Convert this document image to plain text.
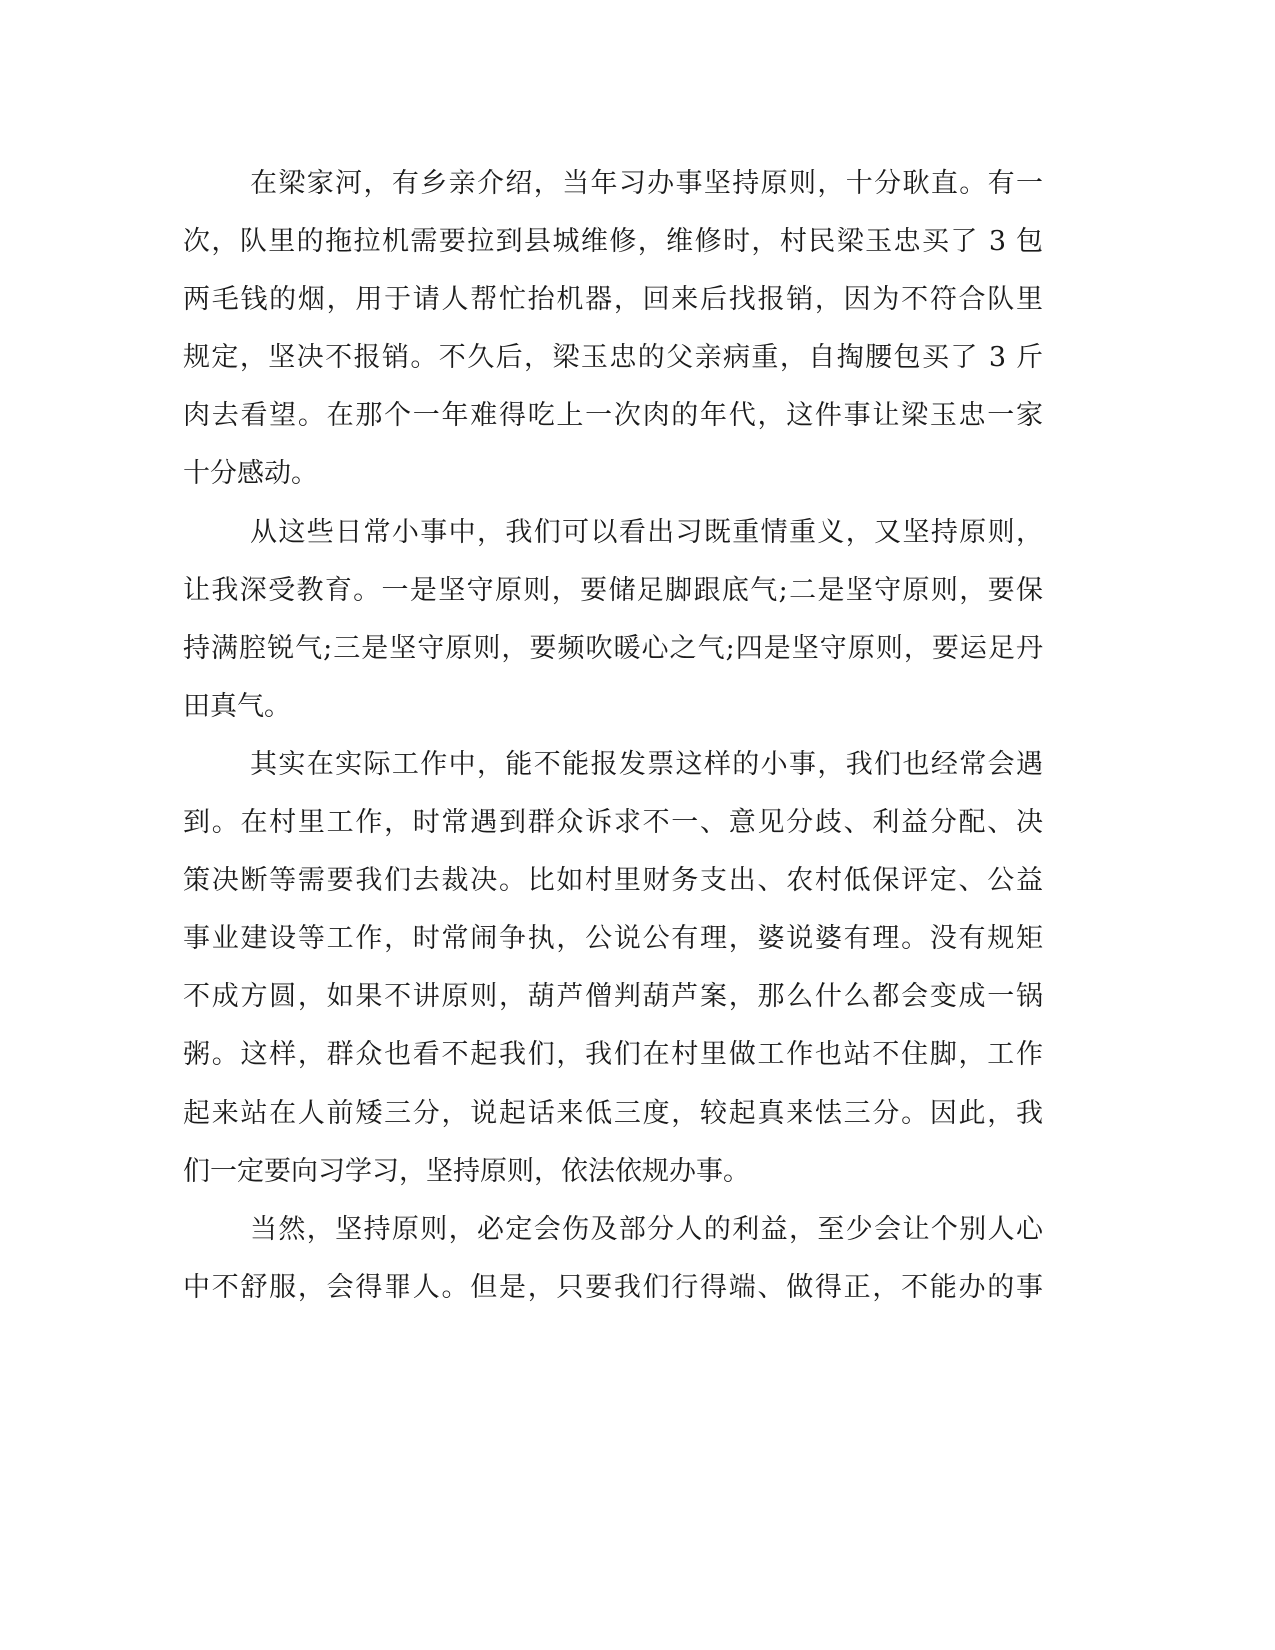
在梁家河，有乡亲介绍，当年习办事坚持原则，十分耿直。有一
次，队里的拖拉机需要拉到县城维修，维修时，村民梁玉忠买了 3 包
两毛钱的烟，用于请人帮忙抬机器，回来后找报销，因为不符合队里
规定，坚决不报销。不久后，梁玉忠的父亲病重，自掏腰包买了 3 斤
肉去看望。在那个一年难得吃上一次肉的年代，这件事让梁玉忠一家
十分感动。
从这些日常小事中，我们可以看出习既重情重义，又坚持原则，
让我深受教育。一是坚守原则，要储足脚跟底气;二是坚守原则，要保
持满腔锐气;三是坚守原则，要频吹暖心之气;四是坚守原则，要运足丹
田真气。
其实在实际工作中，能不能报发票这样的小事，我们也经常会遇
到。在村里工作，时常遇到群众诉求不一、意见分歧、利益分配、决
策决断等需要我们去裁决。比如村里财务支出、农村低保评定、公益
事业建设等工作，时常闹争执，公说公有理，婆说婆有理。没有规矩
不成方圆，如果不讲原则，葫芦僧判葫芦案，那么什么都会变成一锅
粥。这样，群众也看不起我们，我们在村里做工作也站不住脚，工作
起来站在人前矮三分，说起话来低三度，较起真来怯三分。因此，我
们一定要向习学习，坚持原则，依法依规办事。
当然，坚持原则，必定会伤及部分人的利益，至少会让个别人心
中不舒服，会得罪人。但是，只要我们行得端、做得正，不能办的事
